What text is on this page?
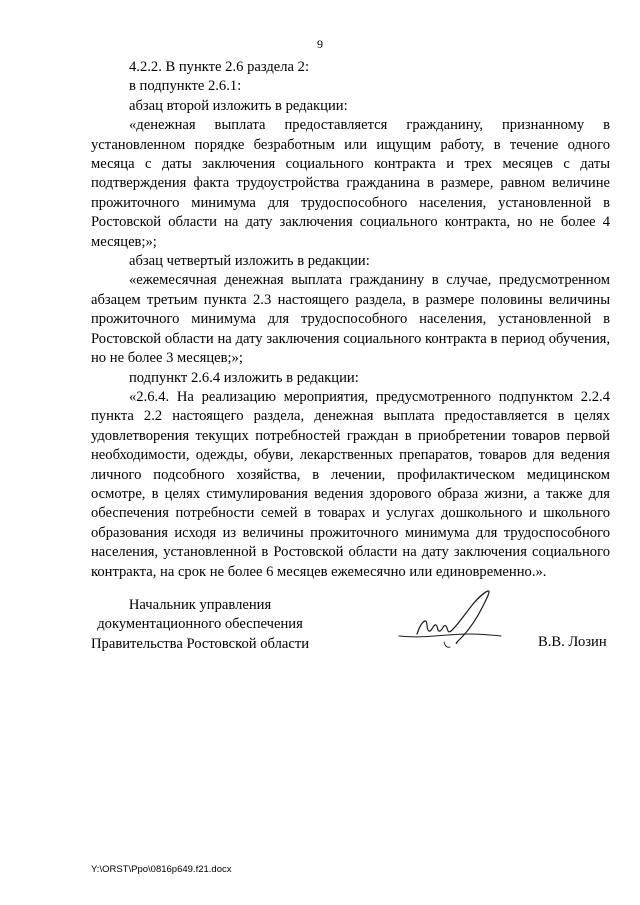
9

4.2.2. В пункте 2.6 раздела 2:

в подпункте 2.6.1:

абзац второй изложить в редакции:

«денежная выплата предоставляется гражданину, признанному в установленном порядке безработным или ищущим работу, в течение одного месяца с даты заключения социального контракта и трех месяцев с даты подтверждения факта трудоустройства гражданина в размере, равном величине прожиточного минимума для трудоспособного населения, установленной в Ростовской области на дату заключения социального контракта, но не более 4 месяцев;»;

абзац четвертый изложить в редакции:

«ежемесячная денежная выплата гражданину в случае, предусмотренном абзацем третьим пункта 2.3 настоящего раздела, в размере половины величины прожиточного минимума для трудоспособного населения, установленной в Ростовской области на дату заключения социального контракта в период обучения, но не более 3 месяцев;»;

подпункт 2.6.4 изложить в редакции:

«2.6.4. На реализацию мероприятия, предусмотренного подпунктом 2.2.4 пункта 2.2 настоящего раздела, денежная выплата предоставляется в целях удовлетворения текущих потребностей граждан в приобретении товаров первой необходимости, одежды, обуви, лекарственных препаратов, товаров для ведения личного подсобного хозяйства, в лечении, профилактическом медицинском осмотре, в целях стимулирования ведения здорового образа жизни, а также для обеспечения потребности семей в товарах и услугах дошкольного и школьного образования исходя из величины прожиточного минимума для трудоспособного населения, установленной в Ростовской области на дату заключения социального контракта, на срок не более 6 месяцев ежемесячно или единовременно.».

Начальник управления
документационного обеспечения
Правительства Ростовской области	В.В. Лозин
Y:\ORST\Ppo\0816p649.f21.docx
